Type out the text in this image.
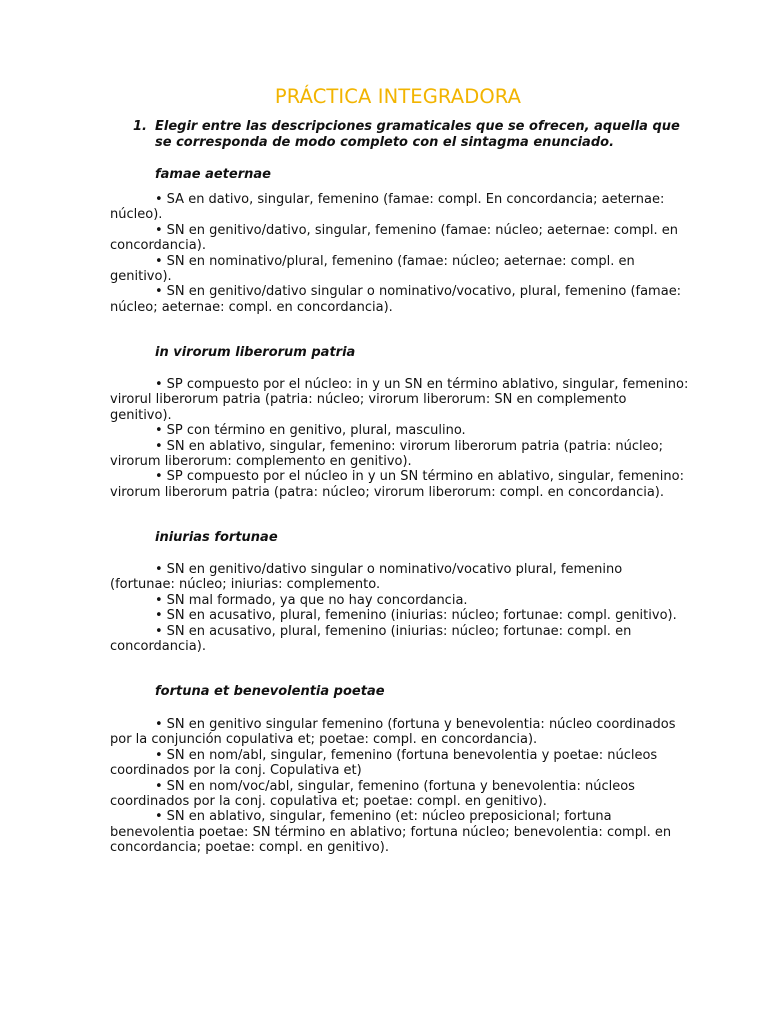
PRÁCTICA INTEGRADORA
1. Elegir entre las descripciones gramaticales que se ofrecen, aquella que se corresponda de modo completo con el sintagma enunciado.
famae aeternae
• SA en dativo, singular, femenino (famae: compl. En concordancia; aeternae: núcleo).
• SN en genitivo/dativo, singular, femenino (famae: núcleo; aeternae: compl. en concordancia).
• SN en nominativo/plural, femenino (famae: núcleo; aeternae: compl. en genitivo).
• SN en genitivo/dativo singular o nominativo/vocativo, plural, femenino (famae: núcleo; aeternae: compl. en concordancia).
in virorum liberorum patria
• SP compuesto por el núcleo: in y un SN en término ablativo, singular, femenino: virorul liberorum patria (patria: núcleo; virorum liberorum: SN en complemento genitivo).
• SP con término en genitivo, plural, masculino.
• SN en ablativo, singular, femenino: virorum liberorum patria (patria: núcleo; virorum liberorum: complemento en genitivo).
• SP compuesto por el núcleo in y un SN término en ablativo, singular, femenino: virorum liberorum patria (patra: núcleo; virorum liberorum: compl. en concordancia).
iniurias fortunae
• SN en genitivo/dativo singular o nominativo/vocativo plural, femenino (fortunae: núcleo; iniurias: complemento.
• SN mal formado, ya que no hay concordancia.
• SN en acusativo, plural, femenino (iniurias: núcleo; fortunae: compl. genitivo).
• SN en acusativo, plural, femenino (iniurias: núcleo; fortunae: compl. en concordancia).
fortuna et benevolentia poetae
• SN en genitivo singular femenino (fortuna y benevolentia: núcleo coordinados por la conjunción copulativa et; poetae: compl. en concordancia).
• SN en nom/abl, singular, femenino (fortuna benevolentia y poetae: núcleos coordinados por la conj. Copulativa et)
• SN en nom/voc/abl, singular, femenino (fortuna y benevolentia: núcleos coordinados por la conj. copulativa et; poetae: compl. en genitivo).
• SN en ablativo, singular, femenino (et: núcleo preposicional; fortuna benevolentia poetae: SN término en ablativo; fortuna núcleo; benevolentia: compl. en concordancia; poetae: compl. en genitivo).
